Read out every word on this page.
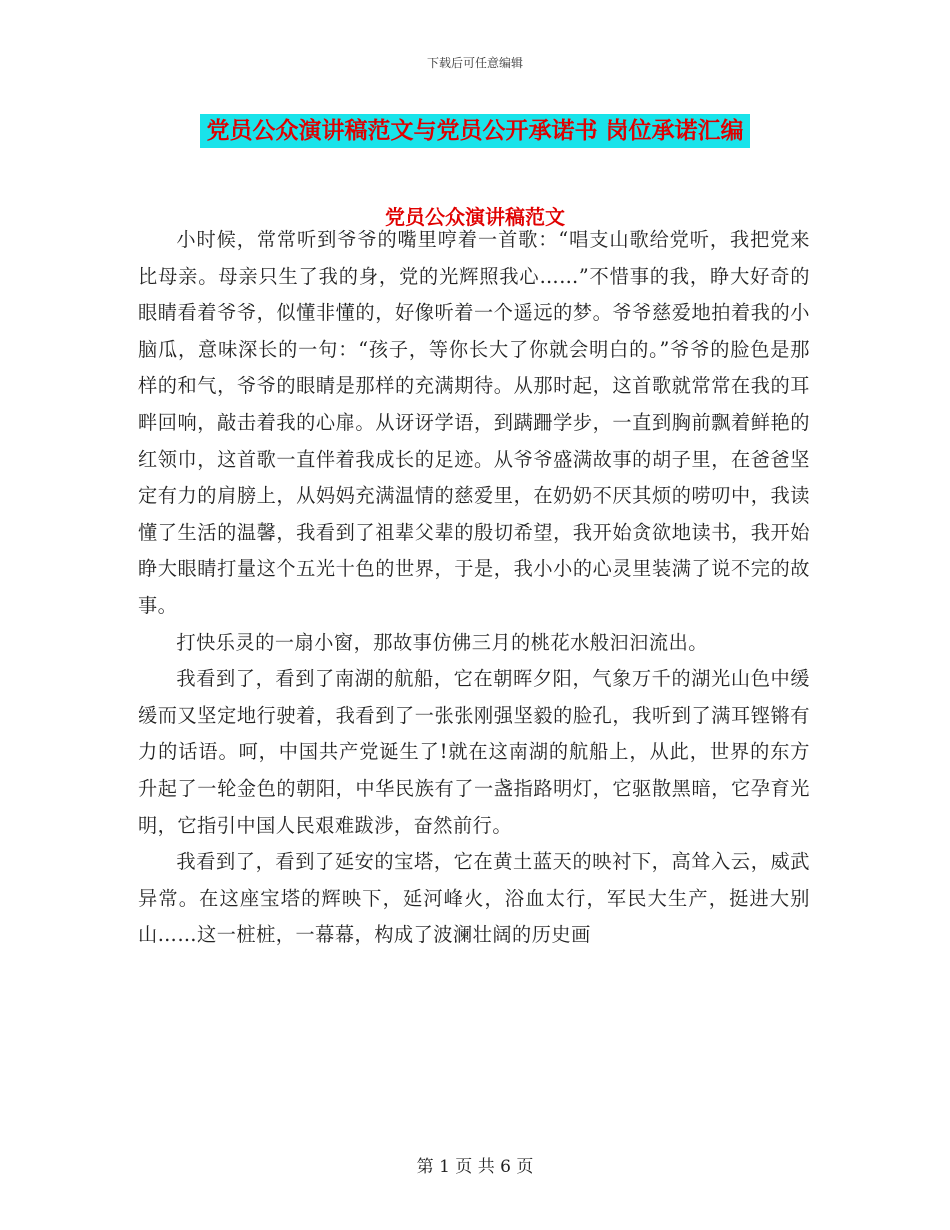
下载后可任意编辑
党员公众演讲稿范文与党员公开承诺书 岗位承诺汇编
党员公众演讲稿范文

小时候，常常听到爷爷的嘴里哼着一首歌：“唱支山歌给党听，我把党来比母亲。母亲只生了我的身，党的光辉照我心……”不惜事的我，睁大好奇的眼睛看着爷爷，似懂非懂的，好像听着一个遥远的梦。爷爷慈爱地拍着我的小脑瓜，意味深长的一句：“孩子，等你长大了你就会明白的。”爷爷的脸色是那样的和气，爷爷的眼睛是那样的充满期待。从那时起，这首歌就常常在我的耳畔回响，敲击着我的心扉。从讶讶学语，到蹒跚学步，一直到胸前飘着鲜艳的红领巾，这首歌一直伴着我成长的足迹。从爷爷盛满故事的胡子里，在爸爸坚定有力的肩膀上，从妈妈充满温情的慈爱里，在奶奶不厌其烦的唠叨中，我读懂了生活的温馨，我看到了祖辈父辈的殷切希望，我开始贪欲地读书，我开始睁大眼睛打量这个五光十色的世界，于是，我小小的心灵里装满了说不完的故事。

打快乐灵的一扇小窗，那故事仿佛三月的桃花水般汩汩流出。

我看到了，看到了南湖的航船，它在朝晖夕阳，气象万千的湖光山色中缓缓而又坚定地行驶着，我看到了一张张刚强坚毅的脸孔，我听到了满耳铿锵有力的话语。呵，中国共产党诞生了!就在这南湖的航船上，从此，世界的东方升起了一轮金色的朝阳，中华民族有了一盏指路明灯，它驱散黑暗，它孕育光明，它指引中国人民艰难跋涉，奋然前行。

我看到了，看到了延安的宝塔，它在黄土蓝天的映衬下，高耸入云，威武异常。在这座宝塔的辉映下，延河峰火，浴血太行，军民大生产，挺进大别山……这一桩桩，一幕幕，构成了波澜壮阔的历史画

第 1 页 共 6 页
